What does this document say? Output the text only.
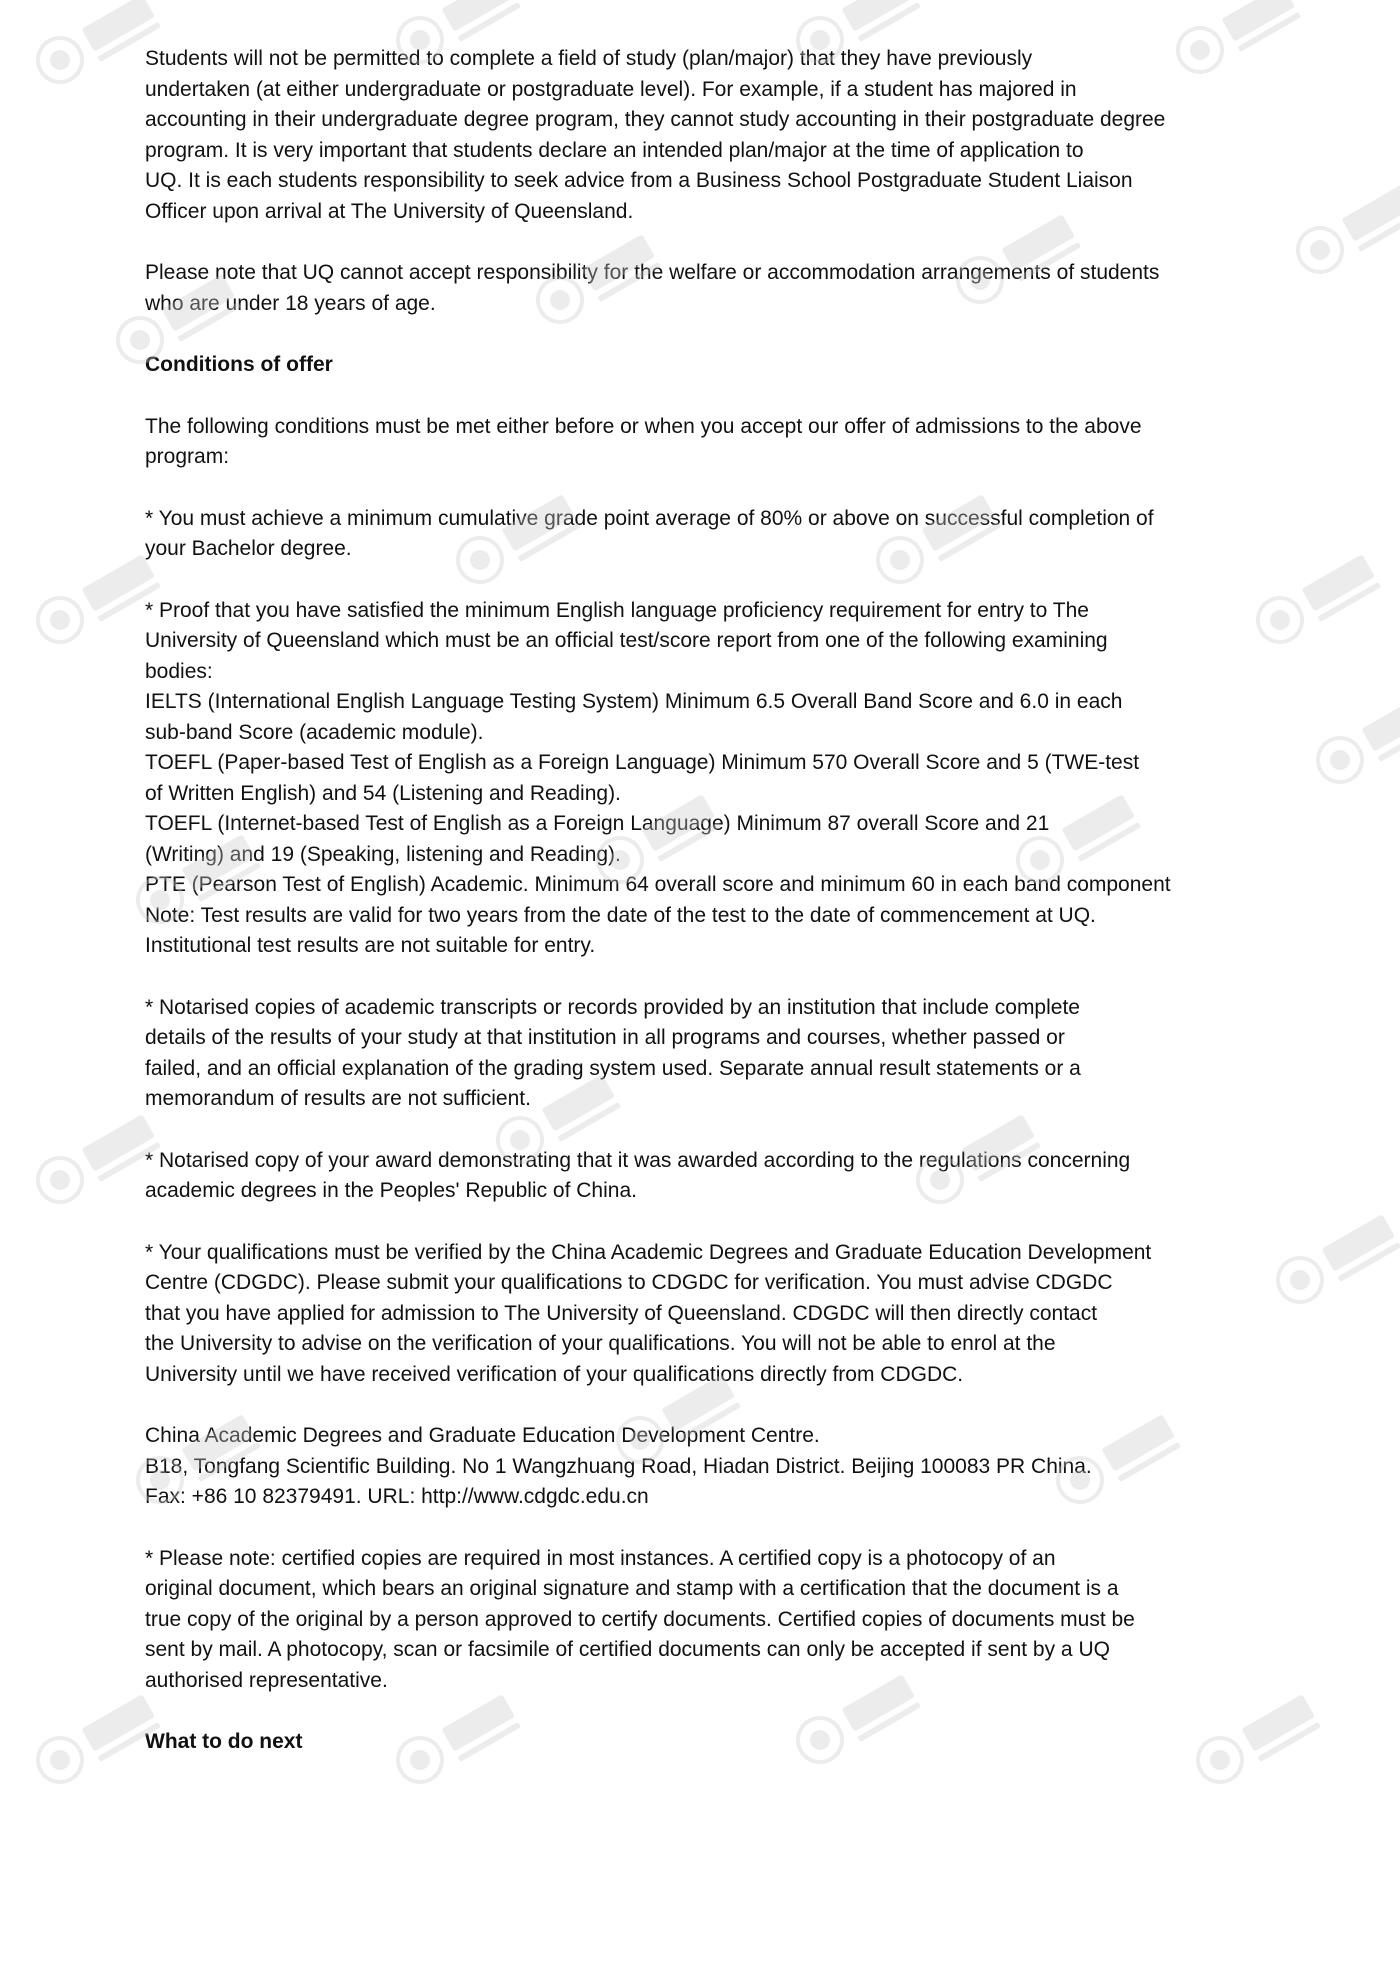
Students will not be permitted to complete a field of study (plan/major) that they have previously
undertaken (at either undergraduate or postgraduate level). For example, if a student has majored in
accounting in their undergraduate degree program, they cannot study accounting in their postgraduate degree
program. It is very important that students declare an intended plan/major at the time of application to
UQ. It is each students responsibility to seek advice from a Business School Postgraduate Student Liaison
Officer upon arrival at The University of Queensland.
Please note that UQ cannot accept responsibility for the welfare or accommodation arrangements of students
who are under 18 years of age.
Conditions of offer
The following conditions must be met either before or when you accept our offer of admissions to the above
program:
* You must achieve a minimum cumulative grade point average of 80% or above on successful completion of
your Bachelor degree.
* Proof that you have satisfied the minimum English language proficiency requirement for entry to The
University of Queensland which must be an official test/score report from one of the following examining
bodies:
IELTS (International English Language Testing System) Minimum 6.5 Overall Band Score and 6.0 in each
sub-band Score (academic module).
TOEFL (Paper-based Test of English as a Foreign Language) Minimum 570 Overall Score and 5 (TWE-test
of Written English) and 54 (Listening and Reading).
TOEFL (Internet-based Test of English as a Foreign Language) Minimum 87 overall Score and 21
(Writing) and 19 (Speaking, listening and Reading).
PTE (Pearson Test of English) Academic. Minimum 64 overall score and minimum 60 in each band component
Note: Test results are valid for two years from the date of the test to the date of commencement at UQ.
Institutional test results are not suitable for entry.
* Notarised copies of academic transcripts or records provided by an institution that include complete
details of the results of your study at that institution in all programs and courses, whether passed or
failed, and an official explanation of the grading system used. Separate annual result statements or a
memorandum of results are not sufficient.
* Notarised copy of your award demonstrating that it was awarded according to the regulations concerning
academic degrees in the Peoples' Republic of China.
* Your qualifications must be verified by the China Academic Degrees and Graduate Education Development
Centre (CDGDC). Please submit your qualifications to CDGDC for verification. You must advise CDGDC
that you have applied for admission to The University of Queensland. CDGDC will then directly contact
the University to advise on the verification of your qualifications. You will not be able to enrol at the
University until we have received verification of your qualifications directly from CDGDC.
China Academic Degrees and Graduate Education Development Centre.
B18, Tongfang Scientific Building. No 1 Wangzhuang Road, Hiadan District. Beijing 100083 PR China.
Fax: +86 10 82379491. URL: http://www.cdgdc.edu.cn
* Please note: certified copies are required in most instances. A certified copy is a photocopy of an
original document, which bears an original signature and stamp with a certification that the document is a
true copy of the original by a person approved to certify documents. Certified copies of documents must be
sent by mail. A photocopy, scan or facsimile of certified documents can only be accepted if sent by a UQ
authorised representative.
What to do next
